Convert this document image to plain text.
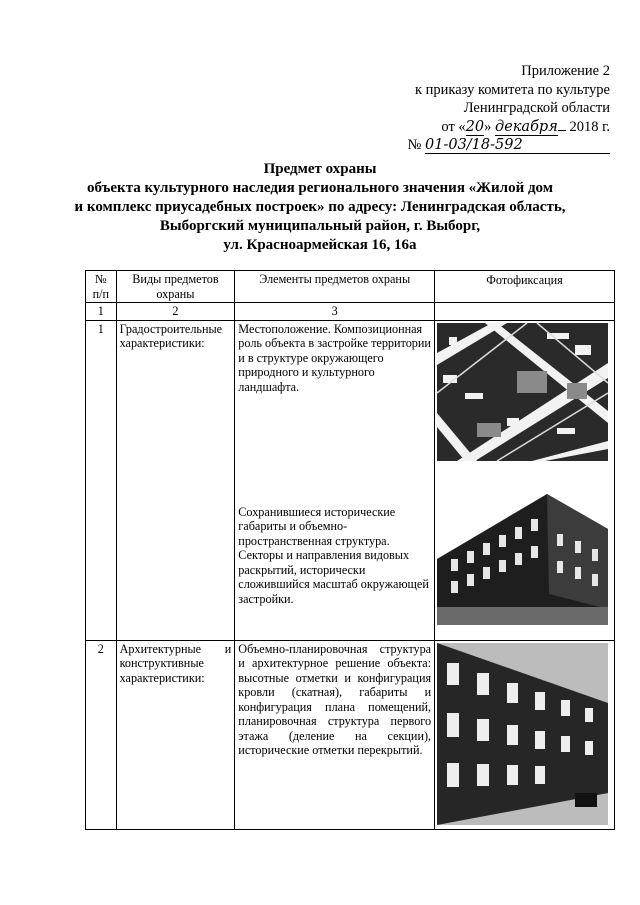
Приложение 2
к приказу комитета по культуре
Ленинградской области
от «20» декабря 2018 г.
№ 01-03/18-592
Предмет охраны
объекта культурного наследия регионального значения «Жилой дом
и комплекс приусадебных построек» по адресу: Ленинградская область,
Выборгский муниципальный район, г. Выборг,
ул. Красноармейская 16, 16а
№ п/п	Виды предметов охраны	Элементы предметов охраны	Фотофиксация
1	2	3	
1	Градостроительные характеристики:	Местоположение. Композиционная роль объекта в застройке территории и в структуре окружающего природного и культурного ландшафта.	

		Сохранившиеся исторические габариты и объемно-пространственная структура. Секторы и направления видовых раскрытий, исторически сложившийся масштаб окружающей застройки.	

2	Архитектурные и конструктивные характеристики:	Объемно-планировочная структура и архитектурное решение объекта: высотные отметки и конфигурация кровли (скатная), габариты и конфигурация плана помещений, планировочная структура первого этажа (деление на секции), исторические отметки перекрытий.	
